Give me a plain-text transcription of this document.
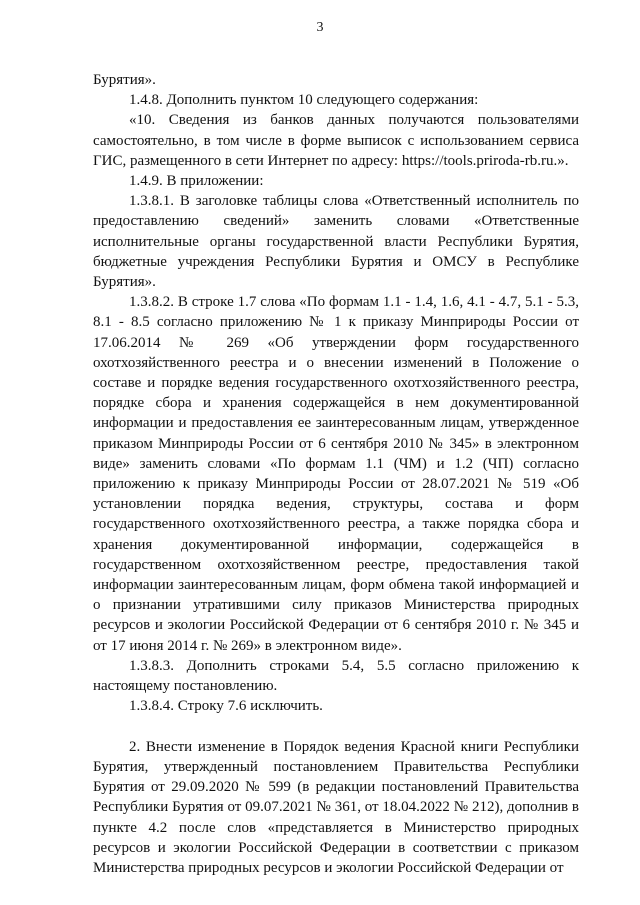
3

Бурятия».

1.4.8. Дополнить пунктом 10 следующего содержания:

«10. Сведения из банков данных получаются пользователями самостоятельно, в том числе в форме выписок с использованием сервиса ГИС, размещенного в сети Интернет по адресу: https://tools.priroda-rb.ru.».

1.4.9. В приложении:

1.3.8.1. В заголовке таблицы слова «Ответственный исполнитель по предоставлению сведений» заменить словами «Ответственные исполнительные органы государственной власти Республики Бурятия, бюджетные учреждения Республики Бурятия и ОМСУ в Республике Бурятия».

1.3.8.2. В строке 1.7 слова «По формам 1.1 - 1.4, 1.6, 4.1 - 4.7, 5.1 - 5.3, 8.1 - 8.5 согласно приложению № 1 к приказу Минприроды России от 17.06.2014 № 269 «Об утверждении форм государственного охотхозяйственного реестра и о внесении изменений в Положение о составе и порядке ведения государственного охотхозяйственного реестра, порядке сбора и хранения содержащейся в нем документированной информации и предоставления ее заинтересованным лицам, утвержденное приказом Минприроды России от 6 сентября 2010 № 345» в электронном виде» заменить словами «По формам 1.1 (ЧМ) и 1.2 (ЧП) согласно приложению к приказу Минприроды России от 28.07.2021 № 519 «Об установлении порядка ведения, структуры, состава и форм государственного охотхозяйственного реестра, а также порядка сбора и хранения документированной информации, содержащейся в государственном охотхозяйственном реестре, предоставления такой информации заинтересованным лицам, форм обмена такой информацией и о признании утратившими силу приказов Министерства природных ресурсов и экологии Российской Федерации от 6 сентября 2010 г. № 345 и от 17 июня 2014 г. № 269» в электронном виде».

1.3.8.3. Дополнить строками 5.4, 5.5 согласно приложению к настоящему постановлению.

1.3.8.4. Строку 7.6 исключить.

2. Внести изменение в Порядок ведения Красной книги Республики Бурятия, утвержденный постановлением Правительства Республики Бурятия от 29.09.2020 № 599 (в редакции постановлений Правительства Республики Бурятия от 09.07.2021 № 361, от 18.04.2022 № 212), дополнив в пункте 4.2 после слов «представляется в Министерство природных ресурсов и экологии Российской Федерации в соответствии с приказом Министерства природных ресурсов и экологии Российской Федерации от
